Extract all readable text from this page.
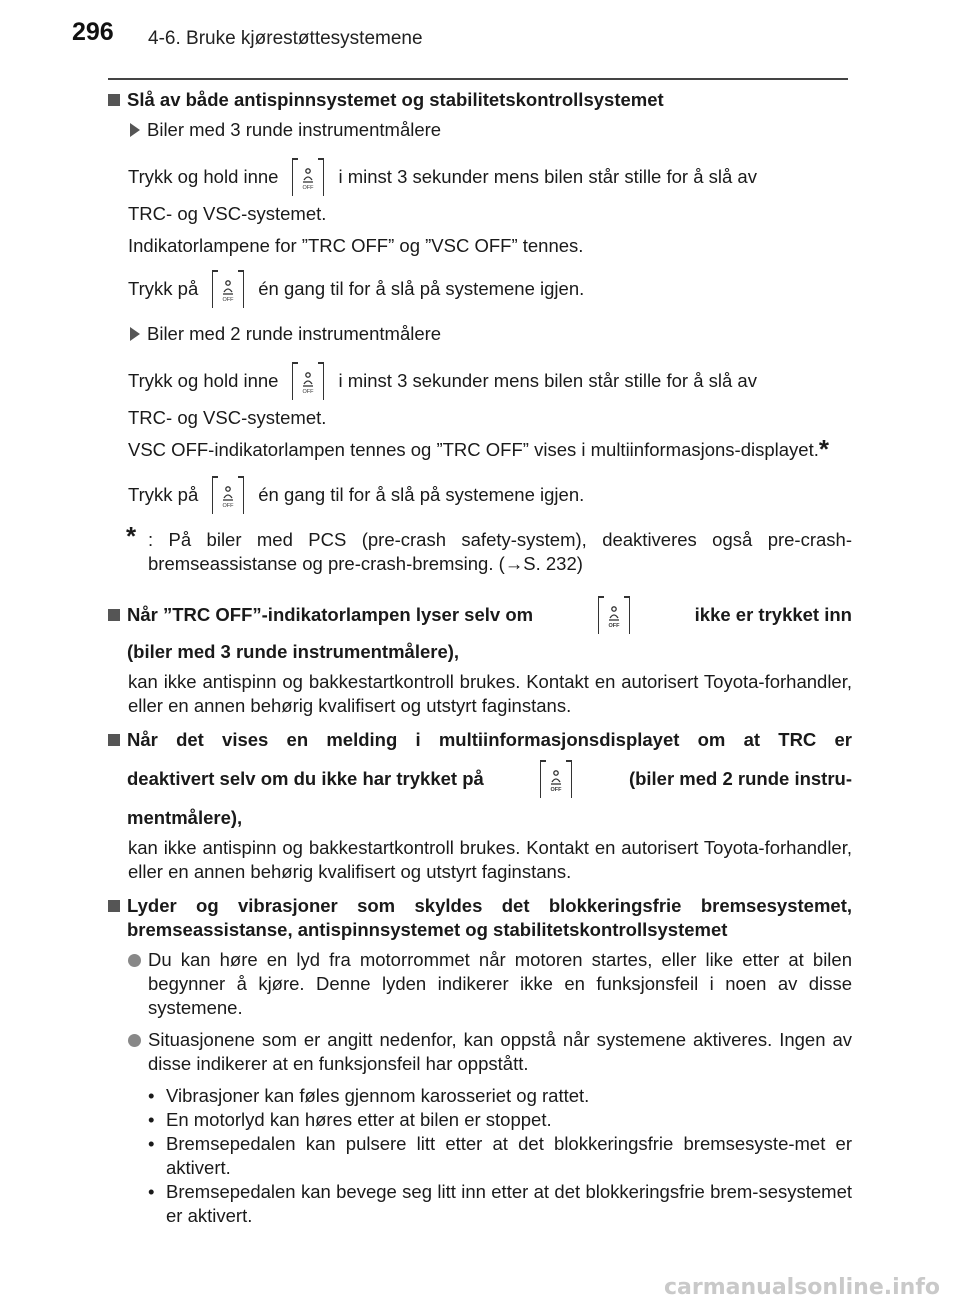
296 4-6. Bruke kjørestøttesystemene
Slå av både antispinnsystemet og stabilitetskontrollsystemet
Biler med 3 runde instrumentmålere
Trykk og hold inne
OFF
i minst 3 sekunder mens bilen står stille for å slå av
TRC- og VSC-systemet.
Indikatorlampene for ”TRC OFF” og ”VSC OFF” tennes.
Trykk på
OFF
én gang til for å slå på systemene igjen.
Biler med 2 runde instrumentmålere
Trykk og hold inne
OFF
i minst 3 sekunder mens bilen står stille for å slå av
TRC- og VSC-systemet.
VSC OFF-indikatorlampen tennes og ”TRC OFF” vises i multiinformasjons-displayet.*
Trykk på
OFF
én gang til for å slå på systemene igjen.
* : På biler med PCS (pre-crash safety-system), deaktiveres også pre-crash-bremseassistanse og pre-crash-bremsing. (→S. 232)
Når ”TRC OFF”-indikatorlampen lyser selv om
OFF
ikke er trykket inn
(biler med 3 runde instrumentmålere),
kan ikke antispinn og bakkestartkontroll brukes. Kontakt en autorisert Toyota-forhandler, eller en annen behørig kvalifisert og utstyrt faginstans.
Når det vises en melding i multiinformasjonsdisplayet om at TRC er
deaktivert selv om du ikke har trykket på
OFF
(biler med 2 runde instru-
mentmålere),
kan ikke antispinn og bakkestartkontroll brukes. Kontakt en autorisert Toyota-forhandler, eller en annen behørig kvalifisert og utstyrt faginstans.
Lyder og vibrasjoner som skyldes det blokkeringsfrie bremsesystemet, bremseassistanse, antispinnsystemet og stabilitetskontrollsystemet
Du kan høre en lyd fra motorrommet når motoren startes, eller like etter at bilen begynner å kjøre. Denne lyden indikerer ikke en funksjonsfeil i noen av disse systemene.
Situasjonene som er angitt nedenfor, kan oppstå når systemene aktiveres. Ingen av disse indikerer at en funksjonsfeil har oppstått.
• Vibrasjoner kan føles gjennom karosseriet og rattet.
• En motorlyd kan høres etter at bilen er stoppet.
• Bremsepedalen kan pulsere litt etter at det blokkeringsfrie bremsesyste-met er aktivert.
• Bremsepedalen kan bevege seg litt inn etter at det blokkeringsfrie brem-sesystemet er aktivert.
carmanualsonline.info
